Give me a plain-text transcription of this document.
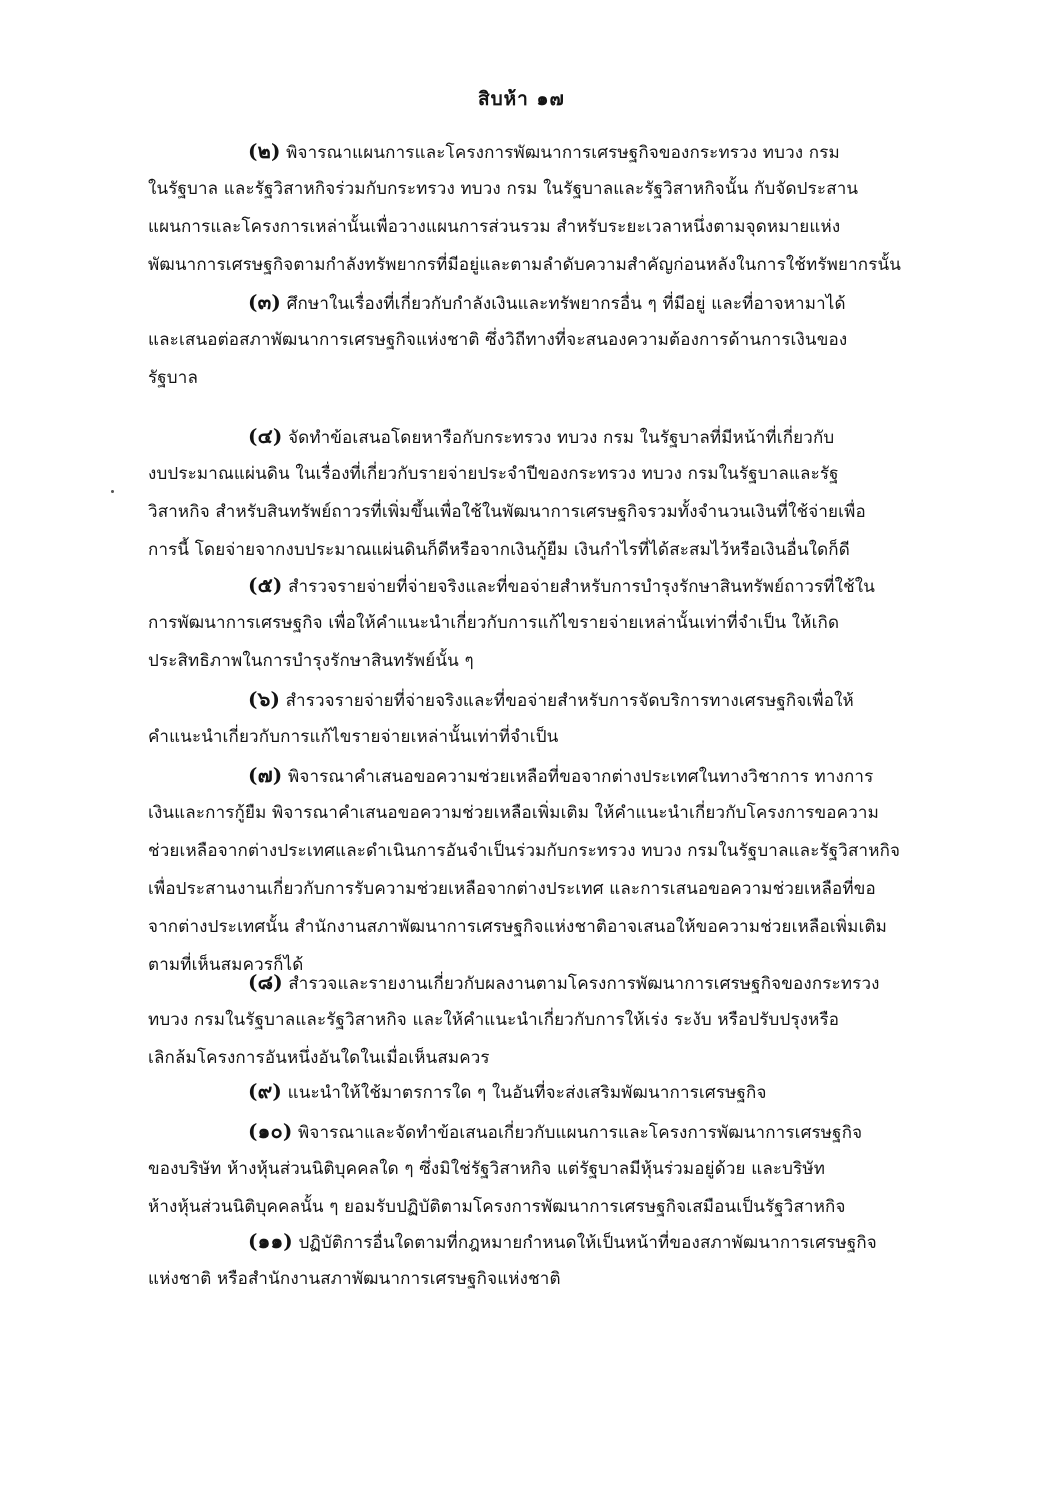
สิบห้า ๑๗
(๒) พิจารณาแผนการและโครงการพัฒนาการเศรษฐกิจของกระทรวง ทบวง กรม
ในรัฐบาล และรัฐวิสาหกิจร่วมกับกระทรวง ทบวง กรม ในรัฐบาลและรัฐวิสาหกิจนั้น กับจัดประสาน
แผนการและโครงการเหล่านั้นเพื่อวางแผนการส่วนรวม สำหรับระยะเวลาหนึ่งตามจุดหมายแห่ง
พัฒนาการเศรษฐกิจตามกำลังทรัพยากรที่มีอยู่และตามลำดับความสำคัญก่อนหลังในการใช้ทรัพยากรนั้น
(๓) ศึกษาในเรื่องที่เกี่ยวกับกำลังเงินและทรัพยากรอื่น ๆ ที่มีอยู่ และที่อาจหามาได้
และเสนอต่อสภาพัฒนาการเศรษฐกิจแห่งชาติ ซึ่งวิถีทางที่จะสนองความต้องการด้านการเงินของ
รัฐบาล
(๔) จัดทำข้อเสนอโดยหารือกับกระทรวง ทบวง กรม ในรัฐบาลที่มีหน้าที่เกี่ยวกับ
งบประมาณแผ่นดิน ในเรื่องที่เกี่ยวกับรายจ่ายประจำปีของกระทรวง ทบวง กรมในรัฐบาลและรัฐ
วิสาหกิจ สำหรับสินทรัพย์ถาวรที่เพิ่มขึ้นเพื่อใช้ในพัฒนาการเศรษฐกิจรวมทั้งจำนวนเงินที่ใช้จ่ายเพื่อ
การนี้ โดยจ่ายจากงบประมาณแผ่นดินก็ดีหรือจากเงินกู้ยืม เงินกำไรที่ได้สะสมไว้หรือเงินอื่นใดก็ดี
(๕) สำรวจรายจ่ายที่จ่ายจริงและที่ขอจ่ายสำหรับการบำรุงรักษาสินทรัพย์ถาวรที่ใช้ใน
การพัฒนาการเศรษฐกิจ เพื่อให้คำแนะนำเกี่ยวกับการแก้ไขรายจ่ายเหล่านั้นเท่าที่จำเป็น ให้เกิด
ประสิทธิภาพในการบำรุงรักษาสินทรัพย์นั้น ๆ
(๖) สำรวจรายจ่ายที่จ่ายจริงและที่ขอจ่ายสำหรับการจัดบริการทางเศรษฐกิจเพื่อให้
คำแนะนำเกี่ยวกับการแก้ไขรายจ่ายเหล่านั้นเท่าที่จำเป็น
(๗) พิจารณาคำเสนอขอความช่วยเหลือที่ขอจากต่างประเทศในทางวิชาการ ทางการ
เงินและการกู้ยืม พิจารณาคำเสนอขอความช่วยเหลือเพิ่มเติม ให้คำแนะนำเกี่ยวกับโครงการขอความ
ช่วยเหลือจากต่างประเทศและดำเนินการอันจำเป็นร่วมกับกระทรวง ทบวง กรมในรัฐบาลและรัฐวิสาหกิจ
เพื่อประสานงานเกี่ยวกับการรับความช่วยเหลือจากต่างประเทศ และการเสนอขอความช่วยเหลือที่ขอ
จากต่างประเทศนั้น สำนักงานสภาพัฒนาการเศรษฐกิจแห่งชาติอาจเสนอให้ขอความช่วยเหลือเพิ่มเติม
ตามที่เห็นสมควรก็ได้
(๘) สำรวจและรายงานเกี่ยวกับผลงานตามโครงการพัฒนาการเศรษฐกิจของกระทรวง
ทบวง กรมในรัฐบาลและรัฐวิสาหกิจ และให้คำแนะนำเกี่ยวกับการให้เร่ง ระงับ หรือปรับปรุงหรือ
เลิกล้มโครงการอันหนึ่งอันใดในเมื่อเห็นสมควร
(๙) แนะนำให้ใช้มาตรการใด ๆ ในอันที่จะส่งเสริมพัฒนาการเศรษฐกิจ
(๑๐) พิจารณาและจัดทำข้อเสนอเกี่ยวกับแผนการและโครงการพัฒนาการเศรษฐกิจ
ของบริษัท ห้างหุ้นส่วนนิติบุคคลใด ๆ ซึ่งมิใช่รัฐวิสาหกิจ แต่รัฐบาลมีหุ้นร่วมอยู่ด้วย และบริษัท
ห้างหุ้นส่วนนิติบุคคลนั้น ๆ ยอมรับปฏิบัติตามโครงการพัฒนาการเศรษฐกิจเสมือนเป็นรัฐวิสาหกิจ
(๑๑) ปฏิบัติการอื่นใดตามที่กฎหมายกำหนดให้เป็นหน้าที่ของสภาพัฒนาการเศรษฐกิจ
แห่งชาติ หรือสำนักงานสภาพัฒนาการเศรษฐกิจแห่งชาติ
